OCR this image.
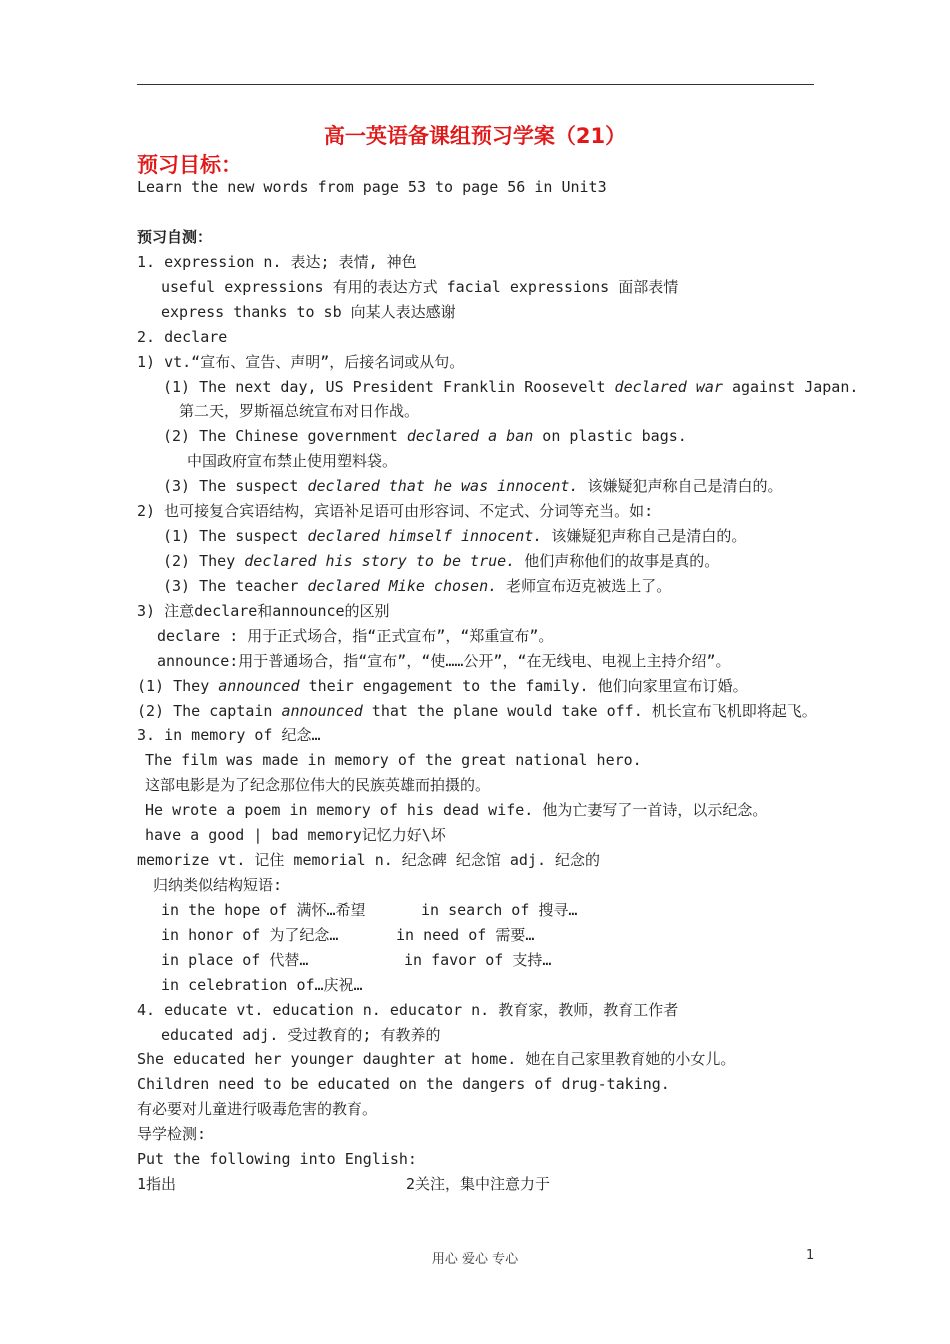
高一英语备课组预习学案（21）
预习目标：
Learn the new words from page 53 to page 56 in Unit3
预习自测：
1. expression n. 表达; 表情, 神色
useful expressions 有用的表达方式 facial expressions 面部表情
express thanks to sb 向某人表达感谢
2. declare
1) vt.“宣布、宣告、声明”，后接名词或从句。
(1) The next day, US President Franklin Roosevelt declared war against Japan.
第二天，罗斯福总统宣布对日作战。
(2) The Chinese government declared a ban on plastic bags.
中国政府宣布禁止使用塑料袋。
(3) The suspect declared that he was innocent. 该嫌疑犯声称自己是清白的。
2) 也可接复合宾语结构，宾语补足语可由形容词、不定式、分词等充当。如:
(1) The suspect declared himself innocent. 该嫌疑犯声称自己是清白的。
(2) They declared his story to be true. 他们声称他们的故事是真的。
(3) The teacher declared Mike chosen. 老师宣布迈克被选上了。
3) 注意declare和announce的区别
declare : 用于正式场合，指“正式宣布”，“郑重宣布”。
announce:用于普通场合，指“宣布”，“使……公开”，“在无线电、电视上主持介绍”。
(1) They announced their engagement to the family. 他们向家里宣布订婚。
(2) The captain announced that the plane would take off. 机长宣布飞机即将起飞。
3. in memory of 纪念…
The film was made in memory of the great national hero.
这部电影是为了纪念那位伟大的民族英雄而拍摄的。
He wrote a poem in memory of his dead wife. 他为亡妻写了一首诗，以示纪念。
have a good | bad memory记忆力好\坏
memorize vt. 记住 memorial n. 纪念碑 纪念馆 adj. 纪念的
归纳类似结构短语:
in the hope of 满怀…希望	in search of 搜寻…
in honor of 为了纪念…	in need of 需要…
in place of 代替…	in favor of 支持…
in celebration of…庆祝…
4. educate vt. education n. educator n. 教育家，教师，教育工作者
educated adj. 受过教育的; 有教养的
She educated her younger daughter at home. 她在自己家里教育她的小女儿。
Children need to be educated on the dangers of drug-taking.
有必要对儿童进行吸毒危害的教育。
导学检测:
Put the following into English:
1指出	2关注，集中注意力于
用心 爱心 专心	1
